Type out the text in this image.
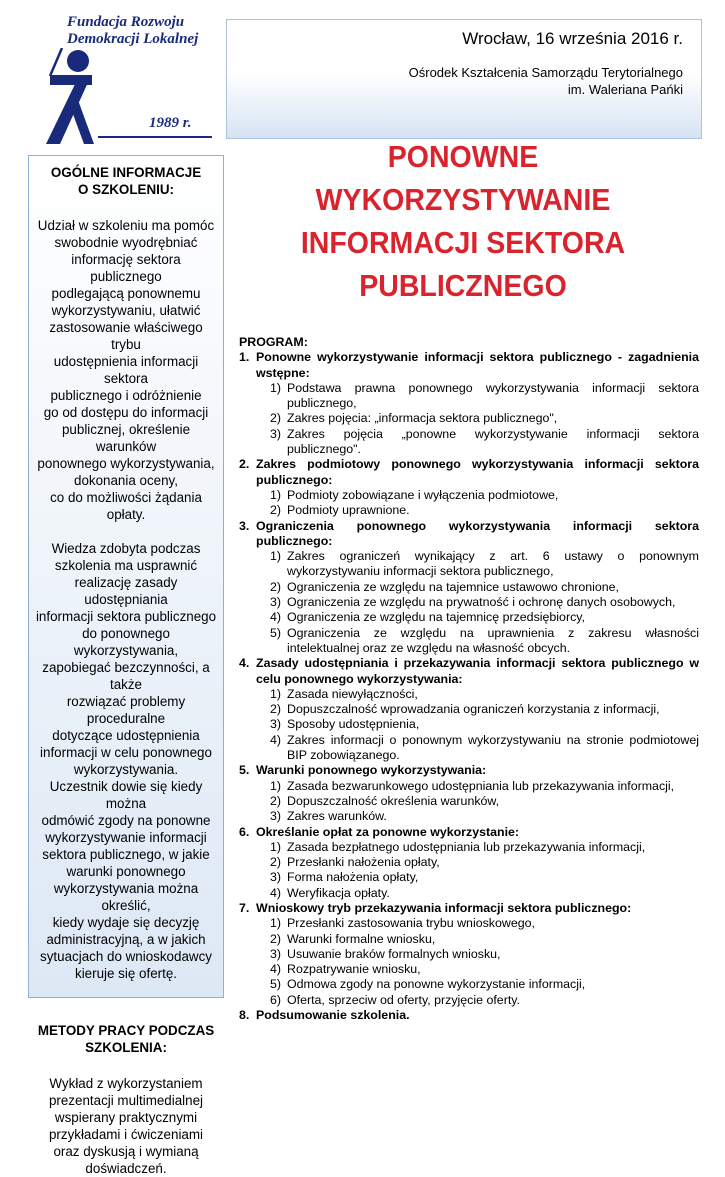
Fundacja Rozwoju
Demokracji Lokalnej
1989 r.
Wrocław, 16 września 2016 r.
Ośrodek Kształcenia Samorządu Terytorialnego
im. Waleriana Pańki
PONOWNE
WYKORZYSTYWANIE
INFORMACJI SEKTORA
PUBLICZNEGO

OGÓLNE INFORMACJE

O SZKOLENIU:

Udział w szkoleniu ma pomóc

swobodnie wyodrębniać

informację sektora publicznego

podlegającą ponownemu

wykorzystywaniu, ułatwić

zastosowanie właściwego trybu

udostępnienia informacji sektora

publicznego i odróżnienie

go od dostępu do informacji

publicznej, określenie warunków

ponownego wykorzystywania,

dokonania oceny,

co do możliwości żądania opłaty.

Wiedza zdobyta podczas

szkolenia ma usprawnić

realizację zasady udostępniania

informacji sektora publicznego

do ponownego wykorzystywania,

zapobiegać bezczynności, a także

rozwiązać problemy proceduralne

dotyczące udostępnienia

informacji w celu ponownego

wykorzystywania.

Uczestnik dowie się kiedy można

odmówić zgody na ponowne

wykorzystywanie informacji

sektora publicznego, w jakie

warunki ponownego

wykorzystywania można określić,

kiedy wydaje się decyzję

administracyjną, a w jakich

sytuacjach do wnioskodawcy

kieruje się ofertę.

METODY PRACY PODCZAS

SZKOLENIA:

Wykład z wykorzystaniem

prezentacji multimedialnej

wspierany praktycznymi

przykładami i ćwiczeniami

oraz dyskusją i wymianą

doświadczeń.

PROGRAM:

1. Ponowne wykorzystywanie informacji sektora publicznego - zagadnienia wstępne:
1) Podstawa prawna ponownego wykorzystywania informacji sektora publicznego,
2) Zakres pojęcia: „informacja sektora publicznego",
3) Zakres pojęcia „ponowne wykorzystywanie informacji sektora publicznego".
2. Zakres podmiotowy ponownego wykorzystywania informacji sektora publicznego:
1) Podmioty zobowiązane i wyłączenia podmiotowe,
2) Podmioty uprawnione.
3. Ograniczenia ponownego wykorzystywania informacji sektora publicznego:
1) Zakres ograniczeń wynikający z art. 6 ustawy o ponownym wykorzystywaniu informacji sektora publicznego,
2) Ograniczenia ze względu na tajemnice ustawowo chronione,
3) Ograniczenia ze względu na prywatność i ochronę danych osobowych,
4) Ograniczenia ze względu na tajemnicę przedsiębiorcy,
5) Ograniczenia ze względu na uprawnienia z zakresu własności intelektualnej oraz ze względu na własność obcych.
4. Zasady udostępniania i przekazywania informacji sektora publicznego w celu ponownego wykorzystywania:
1) Zasada niewyłączności,
2) Dopuszczalność wprowadzania ograniczeń korzystania z informacji,
3) Sposoby udostępnienia,
4) Zakres informacji o ponownym wykorzystywaniu na stronie podmiotowej BIP zobowiązanego.
5. Warunki ponownego wykorzystywania:
1) Zasada bezwarunkowego udostępniania lub przekazywania informacji,
2) Dopuszczalność określenia warunków,
3) Zakres warunków.
6. Określanie opłat za ponowne wykorzystanie:
1) Zasada bezpłatnego udostępniania lub przekazywania informacji,
2) Przesłanki nałożenia opłaty,
3) Forma nałożenia opłaty,
4) Weryfikacja opłaty.
7. Wnioskowy tryb przekazywania informacji sektora publicznego:
1) Przesłanki zastosowania trybu wnioskowego,
2) Warunki formalne wniosku,
3) Usuwanie braków formalnych wniosku,
4) Rozpatrywanie wniosku,
5) Odmowa zgody na ponowne wykorzystanie informacji,
6) Oferta, sprzeciw od oferty, przyjęcie oferty.
8. Podsumowanie szkolenia.
